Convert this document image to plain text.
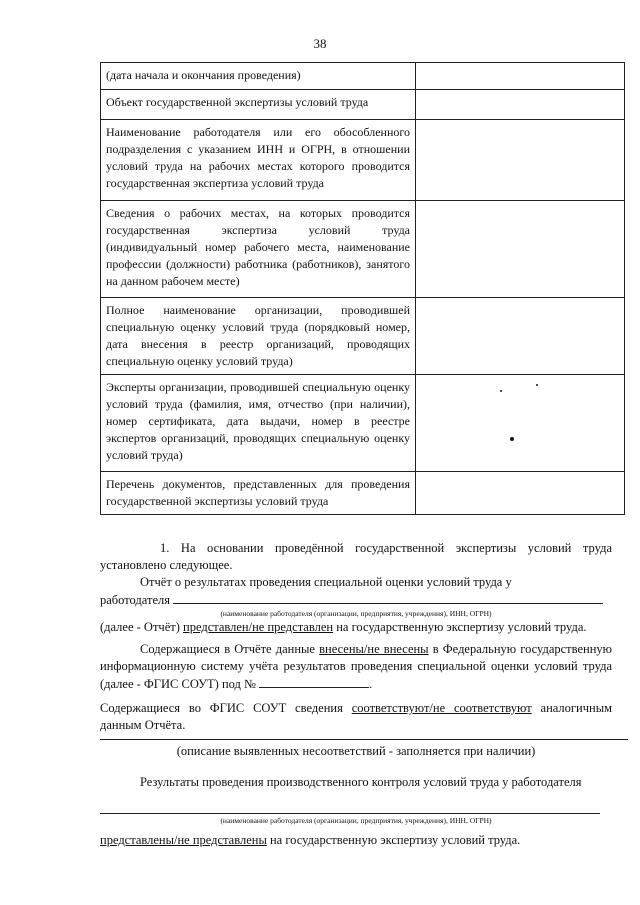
38
(дата начала и окончания проведения)	
Объект государственной экспертизы условий труда	
Наименование работодателя или его обособленного подразделения с указанием ИНН и ОГРН, в отношении условий труда на рабочих местах которого проводится государственная экспертиза условий труда	
Сведения о рабочих местах, на которых проводится государственная экспертиза условий труда (индивидуальный номер рабочего места, наименование профессии (должности) работника (работников), занятого на данном рабочем месте)	
Полное наименование организации, проводившей специальную оценку условий труда (порядковый номер, дата внесения в реестр организаций, проводящих специальную оценку условий труда)	
Эксперты организации, проводившей специальную оценку условий труда (фамилия, имя, отчество (при наличии), номер сертификата, дата выдачи, номер в реестре экспертов организаций, проводящих специальную оценку условий труда)	
Перечень документов, представленных для проведения государственной экспертизы условий труда	
1. На основании проведённой государственной экспертизы условий труда установлено следующее.
Отчёт о результатах проведения специальной оценки условий труда у
работодателя
(наименование работодателя (организации, предприятия, учреждения), ИНН, ОГРН)
(далее - Отчёт) представлен/не представлен на государственную экспертизу условий труда.
Содержащиеся в Отчёте данные внесены/не внесены в Федеральную государственную информационную систему учёта результатов проведения специальной оценки условий труда (далее - ФГИС СОУТ) под №	.
Содержащиеся во ФГИС СОУТ сведения соответствуют/не соответствуют аналогичным данным Отчёта.
(описание выявленных несоответствий - заполняется при наличии)
Результаты проведения производственного контроля условий труда у работодателя
(наименование работодателя (организации, предприятия, учреждения), ИНН, ОГРН)
представлены/не представлены на государственную экспертизу условий труда.
